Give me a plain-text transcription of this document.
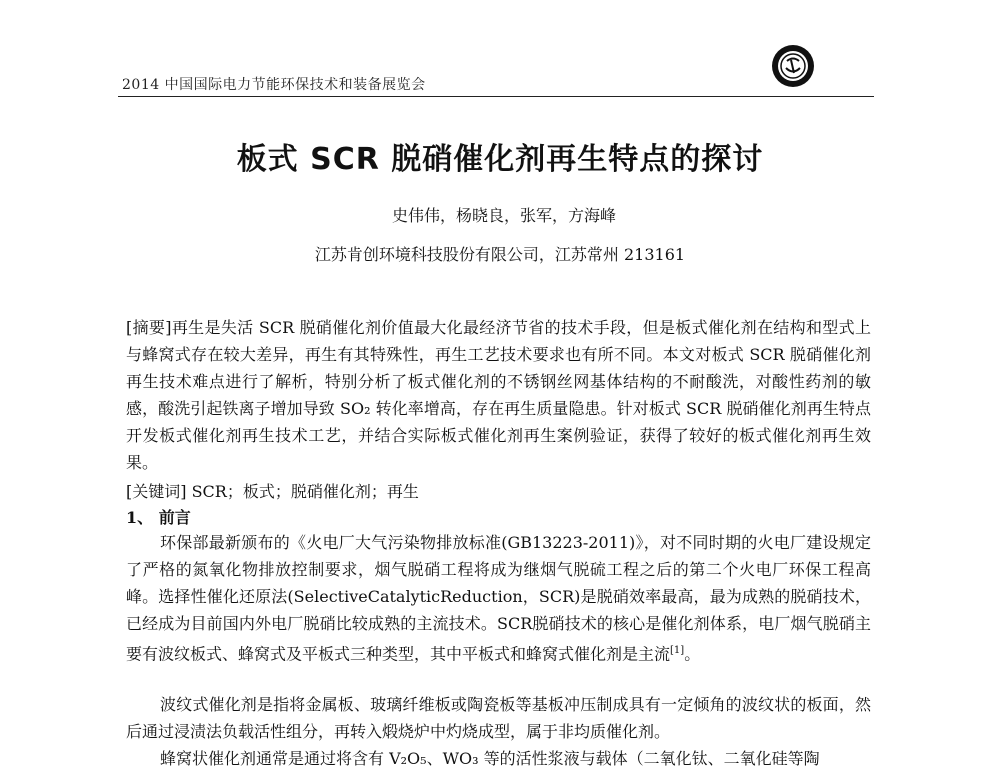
2014 中国国际电力节能环保技术和装备展览会
板式 SCR 脱硝催化剂再生特点的探讨
史伟伟，杨晓良，张军，方海峰
江苏肯创环境科技股份有限公司，江苏常州 213161
[摘要]再生是失活 SCR 脱硝催化剂价值最大化最经济节省的技术手段，但是板式催化剂在结构和型式上与蜂窝式存在较大差异，再生有其特殊性，再生工艺技术要求也有所不同。本文对板式 SCR 脱硝催化剂再生技术难点进行了解析，特别分析了板式催化剂的不锈钢丝网基体结构的不耐酸洗，对酸性药剂的敏感，酸洗引起铁离子增加导致 SO₂ 转化率增高，存在再生质量隐患。针对板式 SCR 脱硝催化剂再生特点开发板式催化剂再生技术工艺，并结合实际板式催化剂再生案例验证，获得了较好的板式催化剂再生效果。
[关键词] SCR；板式；脱硝催化剂；再生
1、 前言
环保部最新颁布的《火电厂大气污染物排放标准(GB13223-2011)》，对不同时期的火电厂建设规定了严格的氮氧化物排放控制要求，烟气脱硝工程将成为继烟气脱硫工程之后的第二个火电厂环保工程高峰。选择性催化还原法(SelectiveCatalyticReduction，SCR)是脱硝效率最高，最为成熟的脱硝技术，已经成为目前国内外电厂脱硝比较成熟的主流技术。SCR脱硝技术的核心是催化剂体系，电厂烟气脱硝主要有波纹板式、蜂窝式及平板式三种类型，其中平板式和蜂窝式催化剂是主流[1]。
波纹式催化剂是指将金属板、玻璃纤维板或陶瓷板等基板冲压制成具有一定倾角的波纹状的板面，然后通过浸渍法负载活性组分，再转入煅烧炉中灼烧成型，属于非均质催化剂。
蜂窝状催化剂通常是通过将含有 V₂O₅、WO₃ 等的活性浆液与载体（二氧化钛、二氧化硅等陶
